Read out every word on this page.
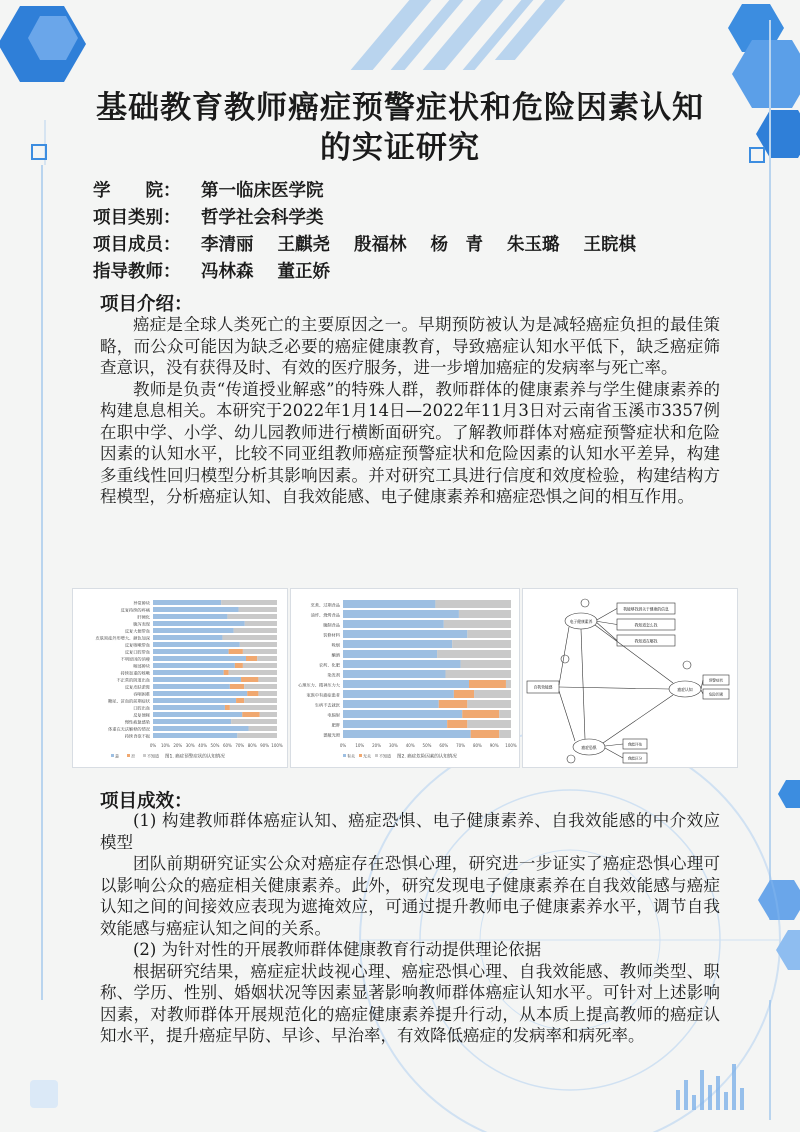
基础教育教师癌症预警症状和危险因素认知
的实证研究
学　　院： 第一临床医学院
项目类别： 哲学社会科学类
项目成员： 李清丽 王麒尧 殷福林 杨　青 朱玉璐 王睆棋
指导教师： 冯林森 董正娇
项目介绍：

癌症是全球人类死亡的主要原因之一。早期预防被认为是减轻癌症负担的最佳策略，而公众可能因为缺乏必要的癌症健康教育，导致癌症认知水平低下，缺乏癌症筛查意识，没有获得及时、有效的医疗服务，进一步增加癌症的发病率与死亡率。

教师是负责“传道授业解惑”的特殊人群，教师群体的健康素养与学生健康素养的构建息息相关。本研究于2022年1月14日—2022年11月3日对云南省玉溪市3357例在职中学、小学、幼儿园教师进行横断面研究。了解教师群体对癌症预警症状和危险因素的认知水平，比较不同亚组教师癌症预警症状和危险因素的认知水平差异，构建多重线性回归模型分析其影响因素。并对研究工具进行信度和效度检验，构建结构方程模型，分析癌症认知、自我效能感、电子健康素养和癌症恐惧之间的相互作用。

异常肿块
反复持续的疼痛
肝硬化
腹泻表现
反复大便带血
皮肤黑痣外形增大、颜色加深
反复咳嗽带血
反复口腔带血
不明原因的消瘦
咽部肿块
持续加重的咳嗽
不正常的阴道出血
反复皮肤淤斑
吞咽困难
糖尿、贫血的前期症状
口腔出血
反复便秘
慢性疲惫感染
体重在无法解释的情况
持续食欲不振
0% 10% 20% 30% 40% 50% 60% 70% 80% 90% 100%
是	否	不知道 图1. 癌症预警症状的认知情况
烹煮、过期食品
油炸、烧烤食品
腌制食品
装修材料
吸烟
酗酒
农药、化肥
染发剂
心理压力、精神压力大
家族中有癌症患者
生病不去就医
电辐射
肥胖
蔷蔽光照
0% 10% 20% 30% 40% 50% 60% 70% 80% 90% 100%
有关 无关 不知道 图2. 癌症危险因素的认知情况
我能够找到关于健康的信息
我知道怎么找
我知道在哪找
电子健康素养
自我效能感	癌症认知
预警症状
危险因素
癌症恐惧
我能评估
我能区分
项目成效：

(1) 构建教师群体癌症认知、癌症恐惧、电子健康素养、自我效能感的中介效应模型

团队前期研究证实公众对癌症存在恐惧心理，研究进一步证实了癌症恐惧心理可以影响公众的癌症相关健康素养。此外，研究发现电子健康素养在自我效能感与癌症认知之间的间接效应表现为遮掩效应，可通过提升教师电子健康素养水平，调节自我效能感与癌症认知之间的关系。

(2) 为针对性的开展教师群体健康教育行动提供理论依据

根据研究结果，癌症症状歧视心理、癌症恐惧心理、自我效能感、教师类型、职称、学历、性别、婚姻状况等因素显著影响教师群体癌症认知水平。可针对上述影响因素，对教师群体开展规范化的癌症健康素养提升行动，从本质上提高教师的癌症认知水平，提升癌症早防、早诊、早治率，有效降低癌症的发病率和病死率。
